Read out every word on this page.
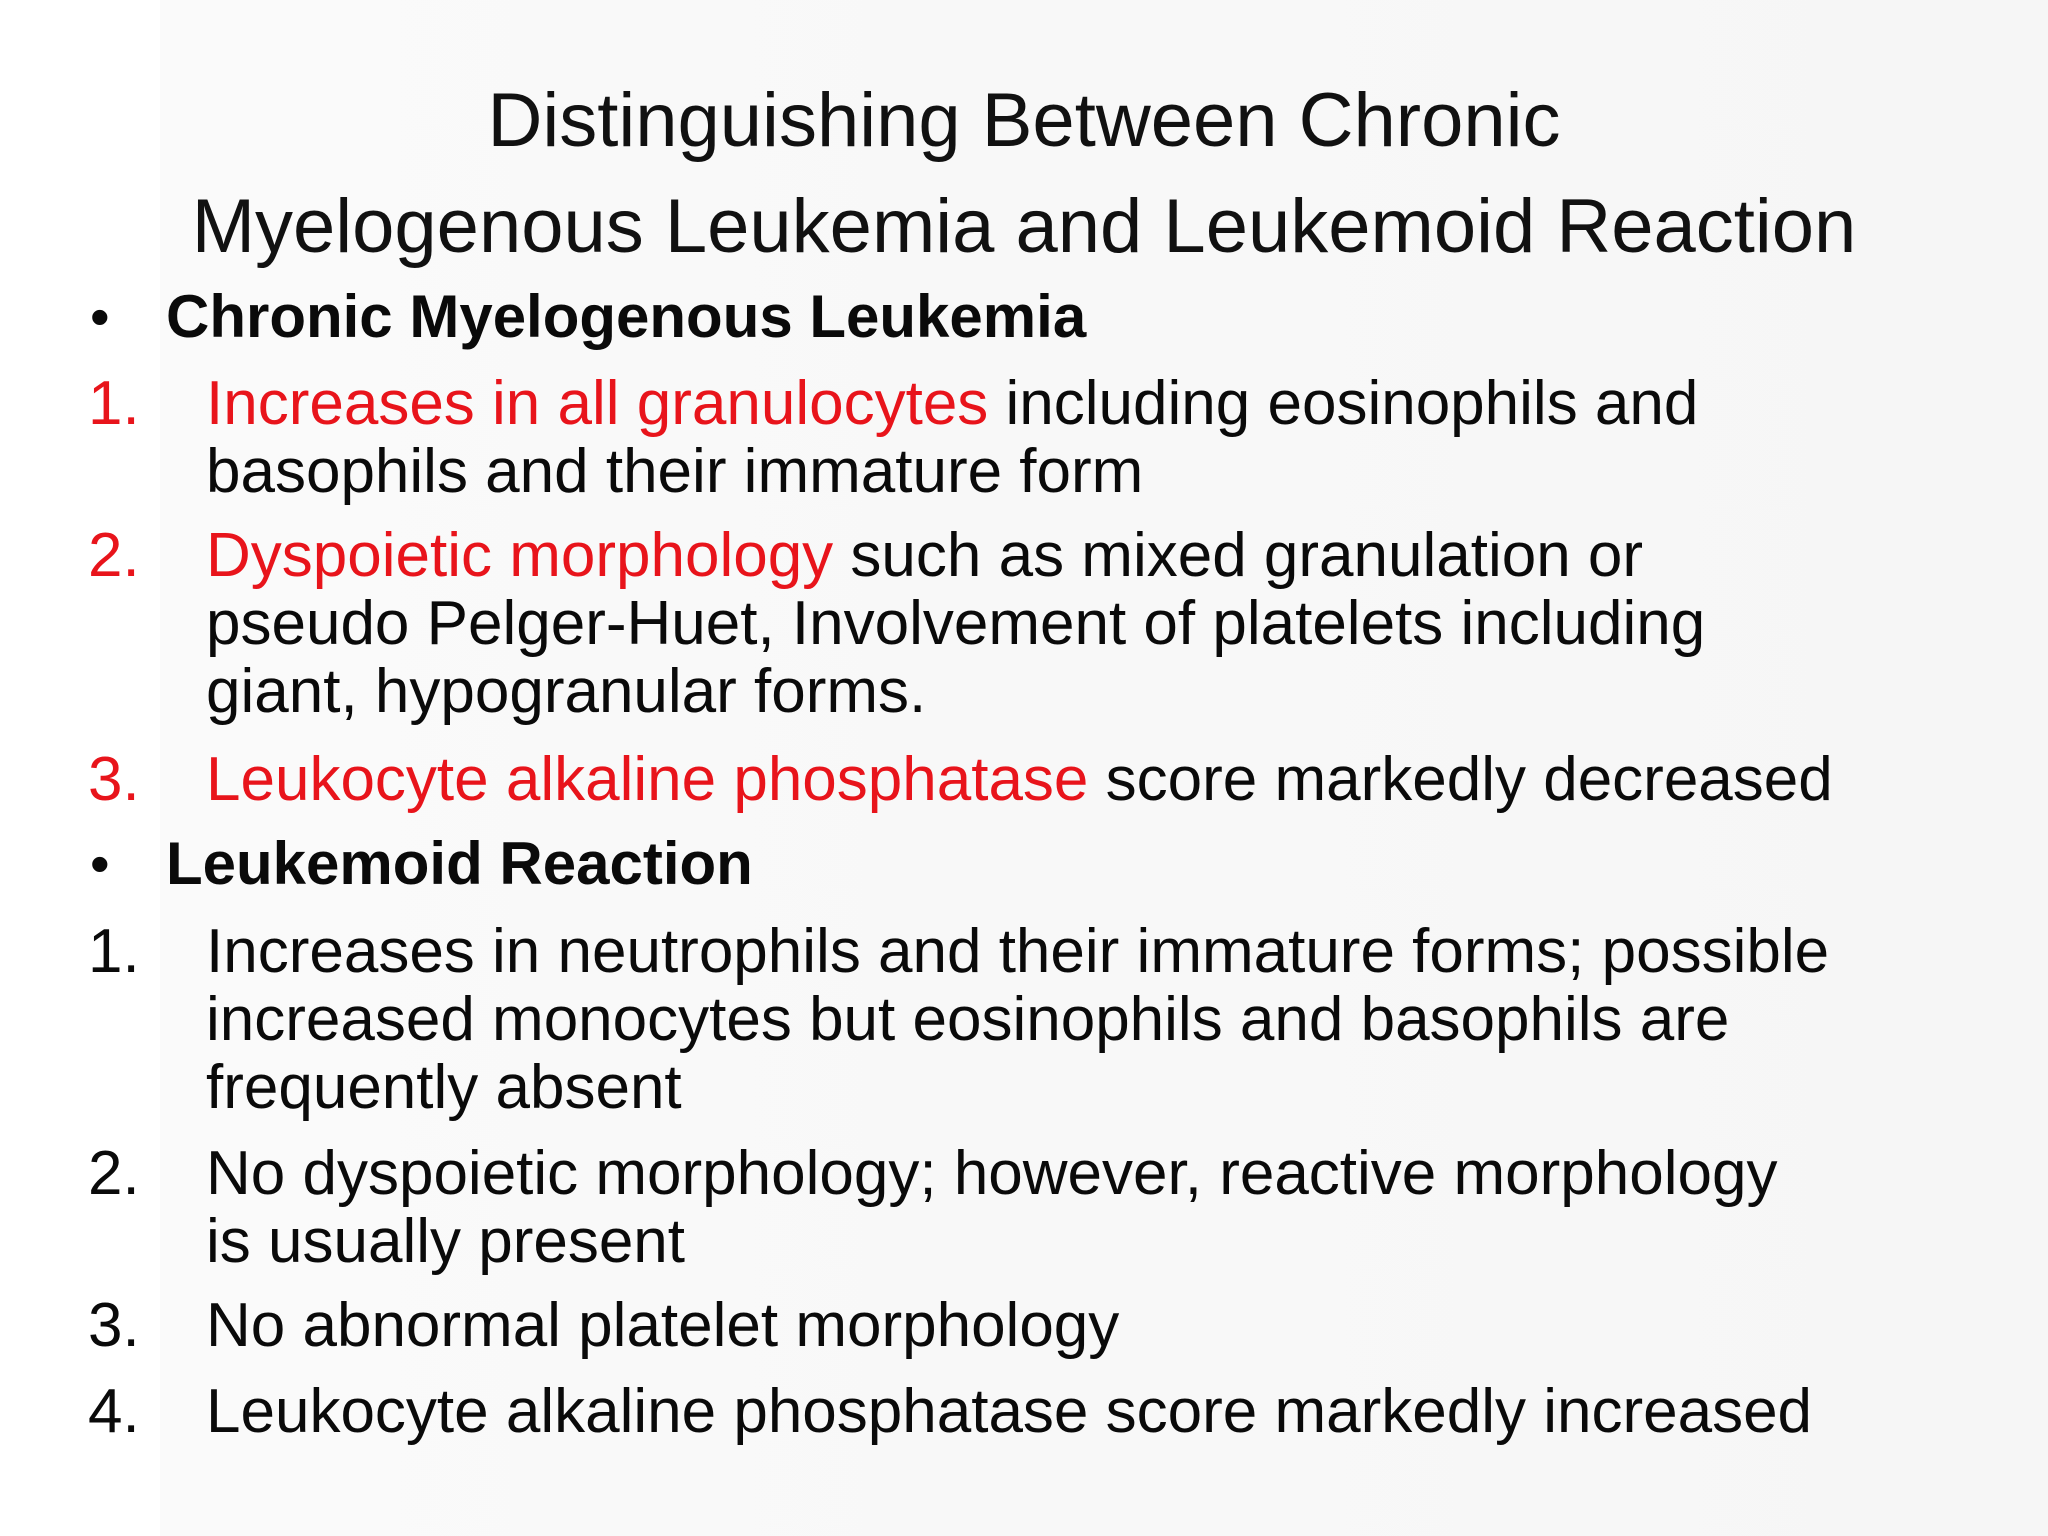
Distinguishing Between Chronic
Myelogenous Leukemia and Leukemoid Reaction
• Chronic Myelogenous Leukemia
1. Increases in all granulocytes including eosinophils and
basophils and their immature form
2. Dyspoietic morphology such as mixed granulation or
pseudo Pelger-Huet, Involvement of platelets including
giant, hypogranular forms.
3. Leukocyte alkaline phosphatase score markedly decreased
• Leukemoid Reaction
1. Increases in neutrophils and their immature forms; possible
increased monocytes but eosinophils and basophils are
frequently absent
2. No dyspoietic morphology; however, reactive morphology
is usually present
3. No abnormal platelet morphology
4. Leukocyte alkaline phosphatase score markedly increased
